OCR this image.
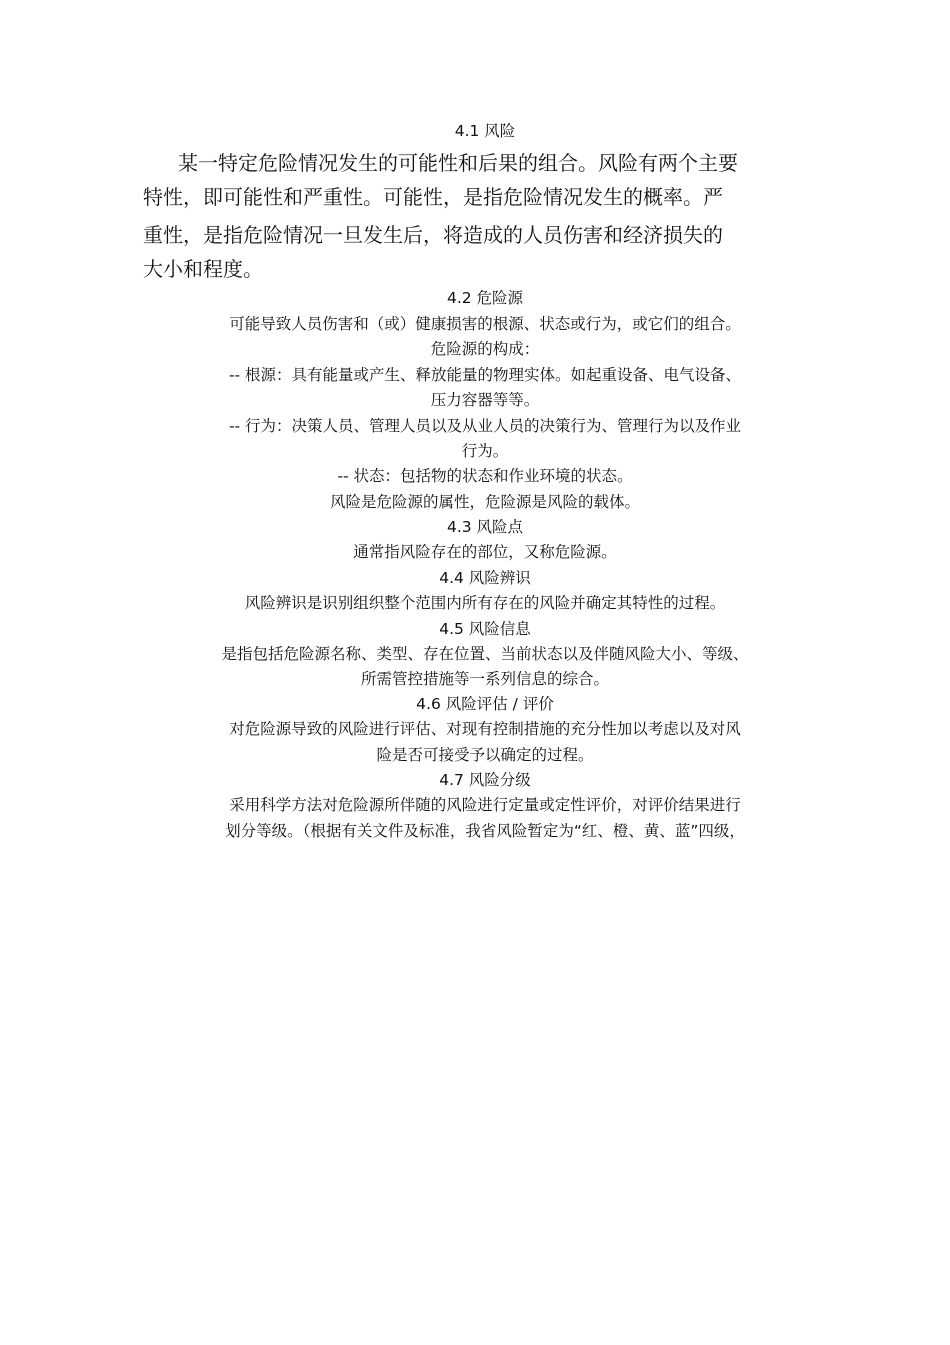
4.1 风险
某一特定危险情况发生的可能性和后果的组合。风险有两个主要
特性，即可能性和严重性。可能性，是指危险情况发生的概率。严
重性，是指危险情况一旦发生后，将造成的人员伤害和经济损失的
大小和程度。
4.2 危险源
可能导致人员伤害和（或）健康损害的根源、状态或行为，或它们的组合。
危险源的构成：
-- 根源：具有能量或产生、释放能量的物理实体。如起重设备、电气设备、
压力容器等等。
-- 行为：决策人员、管理人员以及从业人员的决策行为、管理行为以及作业
行为。
-- 状态：包括物的状态和作业环境的状态。
风险是危险源的属性，危险源是风险的载体。
4.3 风险点
通常指风险存在的部位，又称危险源。
4.4 风险辨识
风险辨识是识别组织整个范围内所有存在的风险并确定其特性的过程。
4.5 风险信息
是指包括危险源名称、类型、存在位置、当前状态以及伴随风险大小、等级、
所需管控措施等一系列信息的综合。
4.6 风险评估 / 评价
对危险源导致的风险进行评估、对现有控制措施的充分性加以考虑以及对风
险是否可接受予以确定的过程。
4.7 风险分级
采用科学方法对危险源所伴随的风险进行定量或定性评价，对评价结果进行
划分等级。（根据有关文件及标准，我省风险暂定为“红、橙、黄、蓝”四级，
